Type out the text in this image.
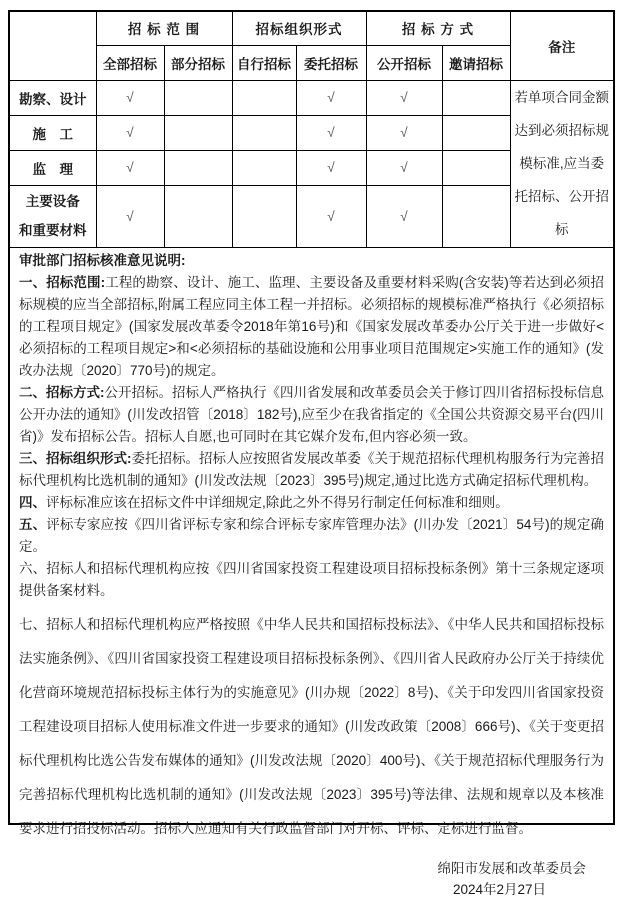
	招 标 范 围		招标组织形式		招 标 方 式		备注
	全部招标	部分招标	自行招标	委托招标	公开招标	邀请招标	
勘察、设计	√			√	√		若单项合同金额达到必须招标规模标准,应当委托招标、公开招标

施　工	√			√	√		
监　理	√			√	√		

主要设备
和重要材料	√			√	√		
审批部门招标核准意见说明:

一、招标范围:工程的勘察、设计、施工、监理、主要设备及重要材料采购(含安装)等若达到必须招标规模的应当全部招标,附属工程应同主体工程一并招标。必须招标的规模标准严格执行《必须招标的工程项目规定》(国家发展改革委令2018年第16号)和《国家发展改革委办公厅关于进一步做好<必须招标的工程项目规定>和<必须招标的基础设施和公用事业项目范围规定>实施工作的通知》(发改办法规〔2020〕770号)的规定。

二、招标方式:公开招标。招标人严格执行《四川省发展和改革委员会关于修订四川省招标投标信息公开办法的通知》(川发改招管〔2018〕182号),应至少在我省指定的《全国公共资源交易平台(四川省)》发布招标公告。招标人自愿,也可同时在其它媒介发布,但内容必须一致。

三、招标组织形式:委托招标。招标人应按照省发展改革委《关于规范招标代理机构服务行为完善招标代理机构比选机制的通知》(川发改法规〔2023〕395号)规定,通过比选方式确定招标代理机构。

四、评标标准应该在招标文件中详细规定,除此之外不得另行制定任何标准和细则。

五、评标专家应按《四川省评标专家和综合评标专家库管理办法》(川办发〔2021〕54号)的规定确定。

六、招标人和招标代理机构应按《四川省国家投资工程建设项目招标投标条例》第十三条规定逐项提供备案材料。

七、招标人和招标代理机构应严格按照《中华人民共和国招标投标法》、《中华人民共和国招标投标法实施条例》、《四川省国家投资工程建设项目招标投标条例》、《四川省人民政府办公厅关于持续优化营商环境规范招标投标主体行为的实施意见》(川办规〔2022〕8号)、《关于印发四川省国家投资工程建设项目招标人使用标准文件进一步要求的通知》(川发改政策〔2008〕666号)、《关于变更招标代理机构比选公告发布媒体的通知》(川发改法规〔2020〕400号)、《关于规范招标代理服务行为完善招标代理机构比选机制的通知》(川发改法规〔2023〕395号)等法律、法规和规章以及本核准要求进行招投标活动。招标人应通知有关行政监督部门对开标、评标、定标进行监督。

绵阳市发展和改革委员会
2024年2月27日
